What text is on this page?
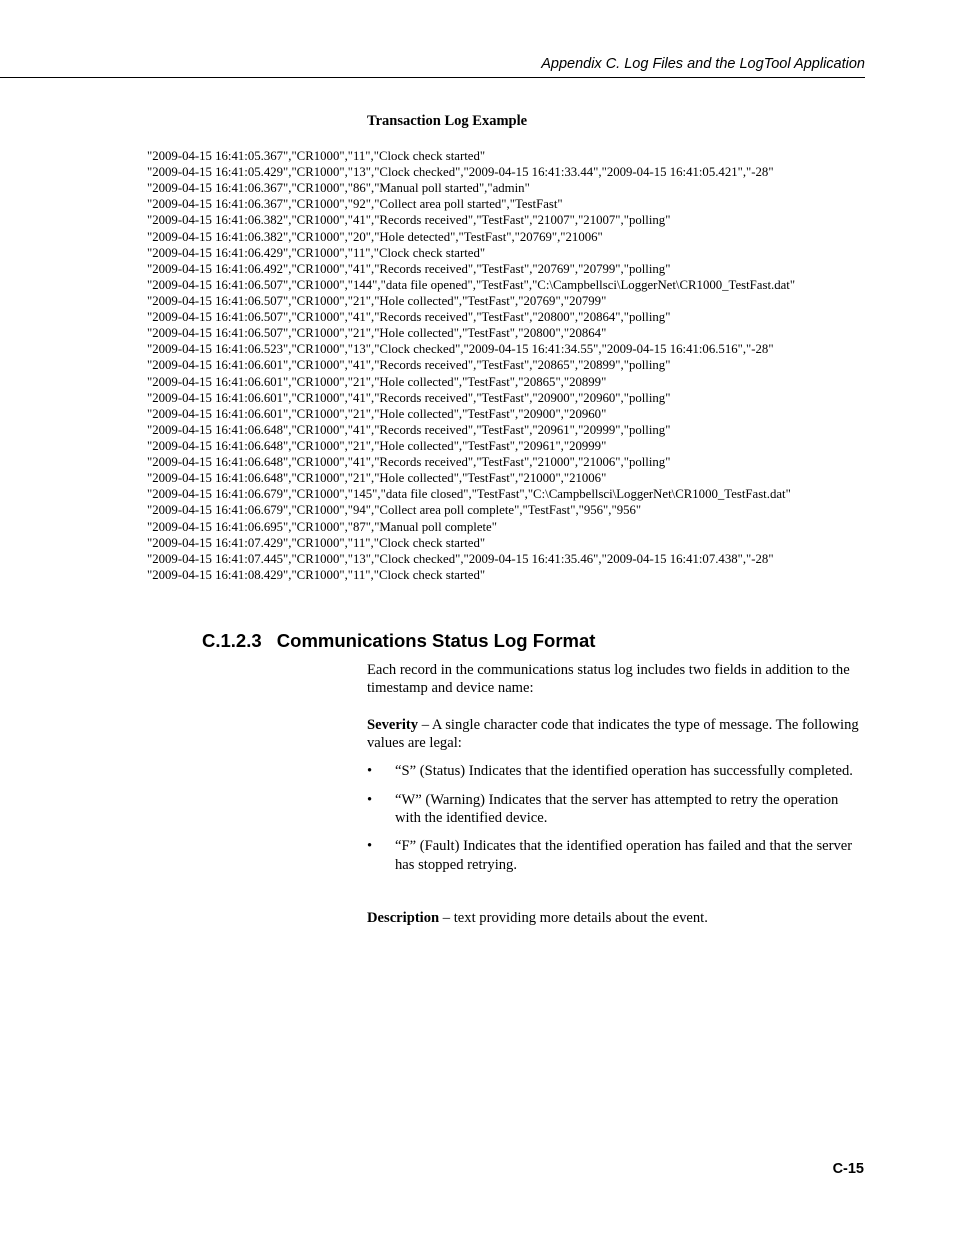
Appendix C. Log Files and the LogTool Application
Transaction Log Example
"2009-04-15 16:41:05.367","CR1000","11","Clock check started"
"2009-04-15 16:41:05.429","CR1000","13","Clock checked","2009-04-15 16:41:33.44","2009-04-15 16:41:05.421","-28"
"2009-04-15 16:41:06.367","CR1000","86","Manual poll started","admin"
"2009-04-15 16:41:06.367","CR1000","92","Collect area poll started","TestFast"
"2009-04-15 16:41:06.382","CR1000","41","Records received","TestFast","21007","21007","polling"
"2009-04-15 16:41:06.382","CR1000","20","Hole detected","TestFast","20769","21006"
"2009-04-15 16:41:06.429","CR1000","11","Clock check started"
"2009-04-15 16:41:06.492","CR1000","41","Records received","TestFast","20769","20799","polling"
"2009-04-15 16:41:06.507","CR1000","144","data file opened","TestFast","C:\Campbellsci\LoggerNet\CR1000_TestFast.dat"
"2009-04-15 16:41:06.507","CR1000","21","Hole collected","TestFast","20769","20799"
"2009-04-15 16:41:06.507","CR1000","41","Records received","TestFast","20800","20864","polling"
"2009-04-15 16:41:06.507","CR1000","21","Hole collected","TestFast","20800","20864"
"2009-04-15 16:41:06.523","CR1000","13","Clock checked","2009-04-15 16:41:34.55","2009-04-15 16:41:06.516","-28"
"2009-04-15 16:41:06.601","CR1000","41","Records received","TestFast","20865","20899","polling"
"2009-04-15 16:41:06.601","CR1000","21","Hole collected","TestFast","20865","20899"
"2009-04-15 16:41:06.601","CR1000","41","Records received","TestFast","20900","20960","polling"
"2009-04-15 16:41:06.601","CR1000","21","Hole collected","TestFast","20900","20960"
"2009-04-15 16:41:06.648","CR1000","41","Records received","TestFast","20961","20999","polling"
"2009-04-15 16:41:06.648","CR1000","21","Hole collected","TestFast","20961","20999"
"2009-04-15 16:41:06.648","CR1000","41","Records received","TestFast","21000","21006","polling"
"2009-04-15 16:41:06.648","CR1000","21","Hole collected","TestFast","21000","21006"
"2009-04-15 16:41:06.679","CR1000","145","data file closed","TestFast","C:\Campbellsci\LoggerNet\CR1000_TestFast.dat"
"2009-04-15 16:41:06.679","CR1000","94","Collect area poll complete","TestFast","956","956"
"2009-04-15 16:41:06.695","CR1000","87","Manual poll complete"
"2009-04-15 16:41:07.429","CR1000","11","Clock check started"
"2009-04-15 16:41:07.445","CR1000","13","Clock checked","2009-04-15 16:41:35.46","2009-04-15 16:41:07.438","-28"
"2009-04-15 16:41:08.429","CR1000","11","Clock check started"
C.1.2.3 Communications Status Log Format
Each record in the communications status log includes two fields in addition to the timestamp and device name:
Severity – A single character code that indicates the type of message. The following values are legal:
• “S” (Status) Indicates that the identified operation has successfully completed.
• “W” (Warning) Indicates that the server has attempted to retry the operation with the identified device.
• “F” (Fault) Indicates that the identified operation has failed and that the server has stopped retrying.
Description – text providing more details about the event.
C-15
